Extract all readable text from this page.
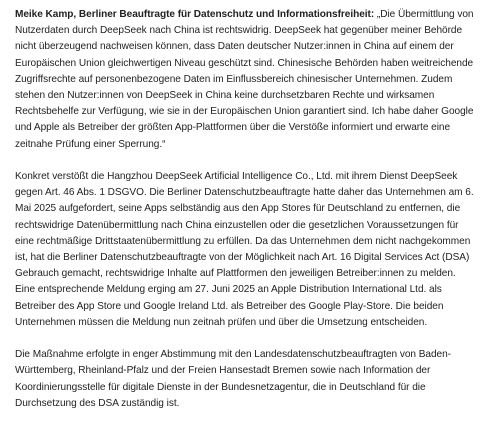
Meike Kamp, Berliner Beauftragte für Datenschutz und Informationsfreiheit: „Die Übermittlung von Nutzerdaten durch DeepSeek nach China ist rechtswidrig. DeepSeek hat gegenüber meiner Behörde nicht überzeugend nachweisen können, dass Daten deutscher Nutzer:innen in China auf einem der Europäischen Union gleichwertigen Niveau geschützt sind. Chinesische Behörden haben weitreichende Zugriffsrechte auf personenbezogene Daten im Einflussbereich chinesischer Unternehmen. Zudem stehen den Nutzer:innen von DeepSeek in China keine durchsetzbaren Rechte und wirksamen Rechtsbehelfe zur Verfügung, wie sie in der Europäischen Union garantiert sind. Ich habe daher Google und Apple als Betreiber der größten App-Plattformen über die Verstöße informiert und erwarte eine zeitnahe Prüfung einer Sperrung.“

Konkret verstößt die Hangzhou DeepSeek Artificial Intelligence Co., Ltd. mit ihrem Dienst DeepSeek gegen Art. 46 Abs. 1 DSGVO. Die Berliner Datenschutzbeauftragte hatte daher das Unternehmen am 6. Mai 2025 aufgefordert, seine Apps selbständig aus den App Stores für Deutschland zu entfernen, die rechtswidrige Datenübermittlung nach China einzustellen oder die gesetzlichen Voraussetzungen für eine rechtmäßige Drittstaatenübermittlung zu erfüllen. Da das Unternehmen dem nicht nachgekommen ist, hat die Berliner Datenschutzbeauftragte von der Möglichkeit nach Art. 16 Digital Services Act (DSA) Gebrauch gemacht, rechtswidrige Inhalte auf Plattformen den jeweiligen Betreiber:innen zu melden. Eine entsprechende Meldung erging am 27. Juni 2025 an Apple Distribution International Ltd. als Betreiber des App Store und Google Ireland Ltd. als Betreiber des Google Play-Store. Die beiden Unternehmen müssen die Meldung nun zeitnah prüfen und über die Umsetzung entscheiden.

Die Maßnahme erfolgte in enger Abstimmung mit den Landesdatenschutzbeauftragten von Baden-Württemberg, Rheinland-Pfalz und der Freien Hansestadt Bremen sowie nach Information der Koordinierungsstelle für digitale Dienste in der Bundesnetzagentur, die in Deutschland für die Durchsetzung des DSA zuständig ist.
